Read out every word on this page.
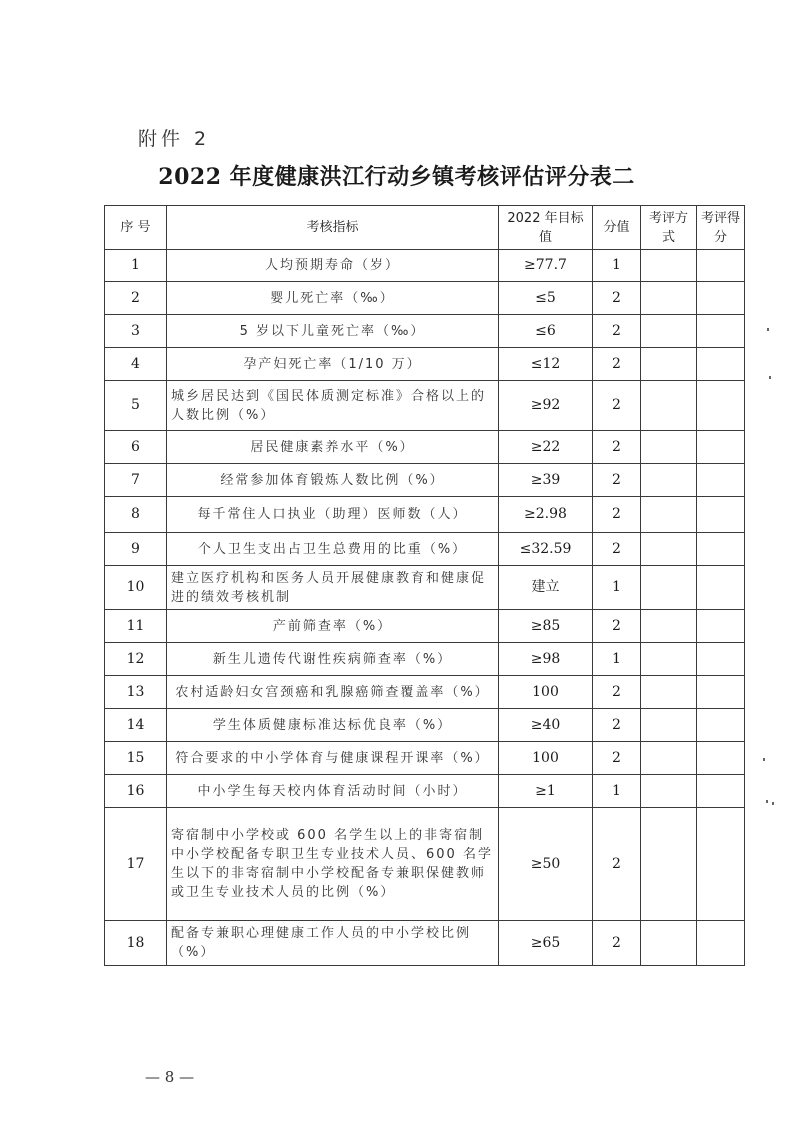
附件 2
2022 年度健康洪江行动乡镇考核评估评分表二
序 号	考核指标	2022 年目标值	分值	考评方式	考评得分
1	人均预期寿命（岁）	≥77.7	1		
2	婴儿死亡率（‰）	≤5	2		
3	5 岁以下儿童死亡率（‰）	≤6	2		
4	孕产妇死亡率（1/10 万）	≤12	2		
5	城乡居民达到《国民体质测定标准》合格以上的人数比例（%）	≥92	2		
6	居民健康素养水平（%）	≥22	2		
7	经常参加体育锻炼人数比例（%）	≥39	2		
8	每千常住人口执业（助理）医师数（人）	≥2.98	2		
9	个人卫生支出占卫生总费用的比重（%）	≤32.59	2		
10	建立医疗机构和医务人员开展健康教育和健康促进的绩效考核机制	建立	1		
11	产前筛查率（%）	≥85	2		
12	新生儿遗传代谢性疾病筛查率（%）	≥98	1		
13	农村适龄妇女宫颈癌和乳腺癌筛查覆盖率（%）	100	2		
14	学生体质健康标准达标优良率（%）	≥40	2		
15	符合要求的中小学体育与健康课程开课率（%）	100	2		
16	中小学生每天校内体育活动时间（小时）	≥1	1		
17	寄宿制中小学校或 600 名学生以上的非寄宿制中小学校配备专职卫生专业技术人员、600 名学生以下的非寄宿制中小学校配备专兼职保健教师或卫生专业技术人员的比例（%）	≥50	2		
18	配备专兼职心理健康工作人员的中小学校比例（%）	≥65	2		
— 8 —
